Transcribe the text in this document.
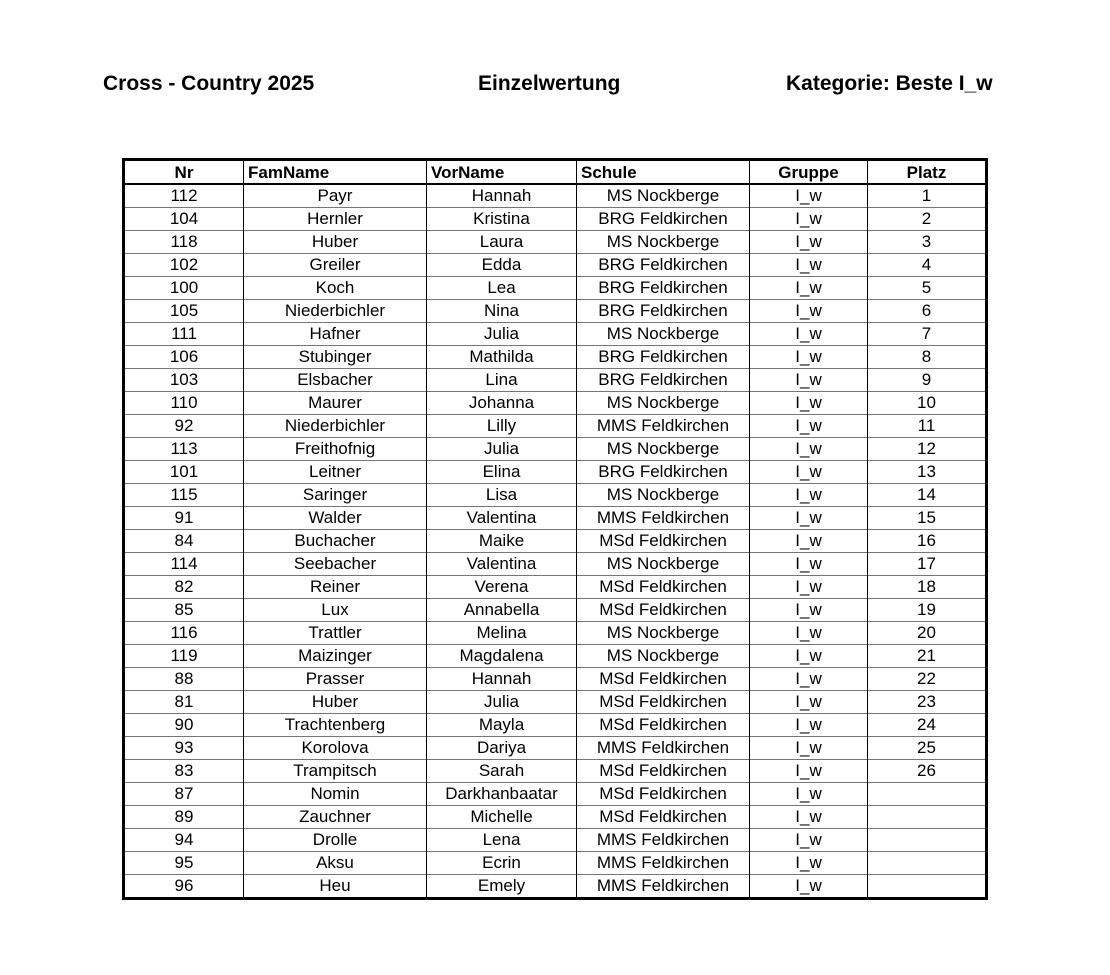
Cross - Country 2025	Einzelwertung	Kategorie: Beste I_w
Nr	FamName	VorName	Schule	Gruppe	Platz
112	Payr	Hannah	MS Nockberge	I_w	1
104	Hernler	Kristina	BRG Feldkirchen	I_w	2
118	Huber	Laura	MS Nockberge	I_w	3
102	Greiler	Edda	BRG Feldkirchen	I_w	4
100	Koch	Lea	BRG Feldkirchen	I_w	5
105	Niederbichler	Nina	BRG Feldkirchen	I_w	6
111	Hafner	Julia	MS Nockberge	I_w	7
106	Stubinger	Mathilda	BRG Feldkirchen	I_w	8
103	Elsbacher	Lina	BRG Feldkirchen	I_w	9
110	Maurer	Johanna	MS Nockberge	I_w	10
92	Niederbichler	Lilly	MMS Feldkirchen	I_w	11
113	Freithofnig	Julia	MS Nockberge	I_w	12
101	Leitner	Elina	BRG Feldkirchen	I_w	13
115	Saringer	Lisa	MS Nockberge	I_w	14
91	Walder	Valentina	MMS Feldkirchen	I_w	15
84	Buchacher	Maike	MSd Feldkirchen	I_w	16
114	Seebacher	Valentina	MS Nockberge	I_w	17
82	Reiner	Verena	MSd Feldkirchen	I_w	18
85	Lux	Annabella	MSd Feldkirchen	I_w	19
116	Trattler	Melina	MS Nockberge	I_w	20
119	Maizinger	Magdalena	MS Nockberge	I_w	21
88	Prasser	Hannah	MSd Feldkirchen	I_w	22
81	Huber	Julia	MSd Feldkirchen	I_w	23
90	Trachtenberg	Mayla	MSd Feldkirchen	I_w	24
93	Korolova	Dariya	MMS Feldkirchen	I_w	25
83	Trampitsch	Sarah	MSd Feldkirchen	I_w	26
87	Nomin	Darkhanbaatar	MSd Feldkirchen	I_w	
89	Zauchner	Michelle	MSd Feldkirchen	I_w	
94	Drolle	Lena	MMS Feldkirchen	I_w	
95	Aksu	Ecrin	MMS Feldkirchen	I_w	
96	Heu	Emely	MMS Feldkirchen	I_w	
